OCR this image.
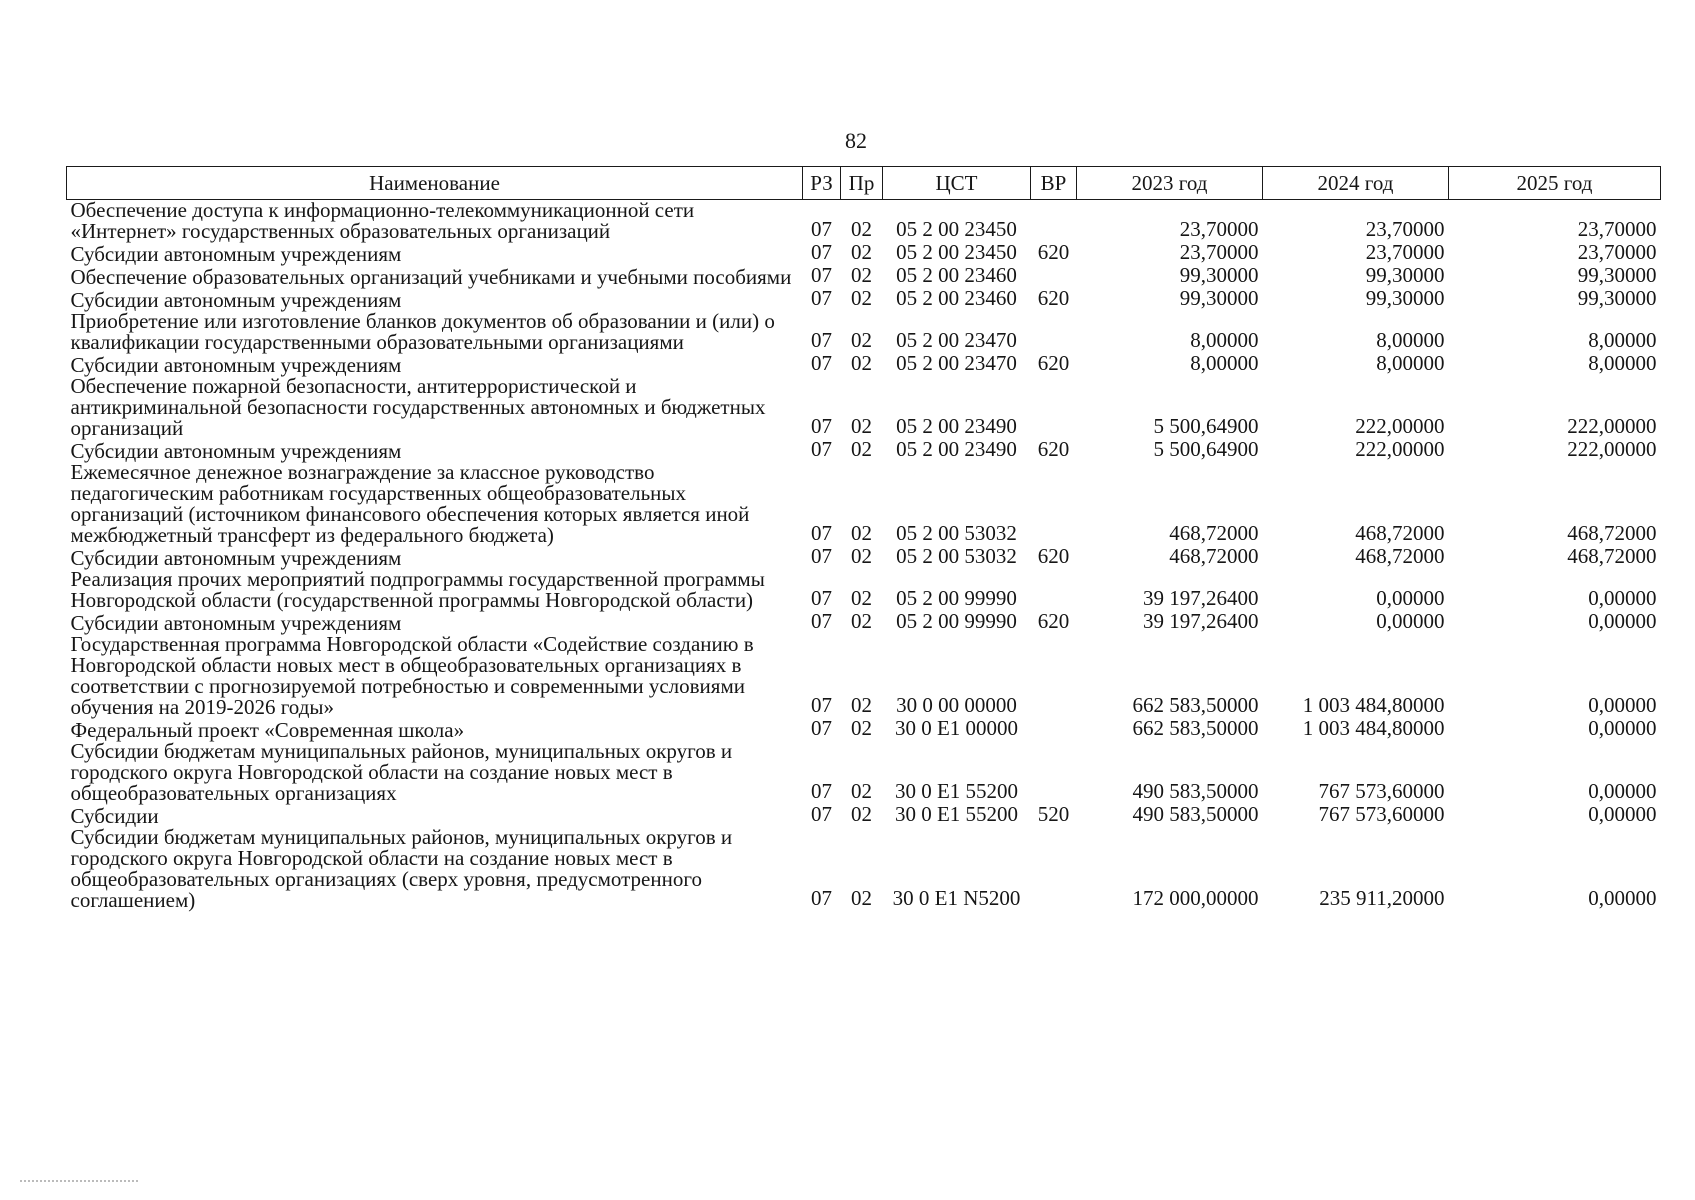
82
Наименование	РЗ	Пр	ЦСТ	ВР	2023 год	2024 год	2025 год
Обеспечение доступа к информационно-телекоммуникационной сети «Интернет» государственных образовательных организаций	07	02	05 2 00 23450		23,70000	23,70000	23,70000
Субсидии автономным учреждениям	07	02	05 2 00 23450	620	23,70000	23,70000	23,70000
Обеспечение образовательных организаций учебниками и учебными пособиями	07	02	05 2 00 23460		99,30000	99,30000	99,30000
Субсидии автономным учреждениям	07	02	05 2 00 23460	620	99,30000	99,30000	99,30000
Приобретение или изготовление бланков документов об образовании и (или) о квалификации государственными образовательными организациями	07	02	05 2 00 23470		8,00000	8,00000	8,00000
Субсидии автономным учреждениям	07	02	05 2 00 23470	620	8,00000	8,00000	8,00000
Обеспечение пожарной безопасности, антитеррористической и антикриминальной безопасности государственных автономных и бюджетных организаций	07	02	05 2 00 23490		5 500,64900	222,00000	222,00000
Субсидии автономным учреждениям	07	02	05 2 00 23490	620	5 500,64900	222,00000	222,00000
Ежемесячное денежное вознаграждение за классное руководство педагогическим работникам государственных общеобразовательных организаций (источником финансового обеспечения которых является иной межбюджетный трансферт из федерального бюджета)	07	02	05 2 00 53032		468,72000	468,72000	468,72000
Субсидии автономным учреждениям	07	02	05 2 00 53032	620	468,72000	468,72000	468,72000
Реализация прочих мероприятий подпрограммы государственной программы Новгородской области (государственной программы Новгородской области)	07	02	05 2 00 99990		39 197,26400	0,00000	0,00000
Субсидии автономным учреждениям	07	02	05 2 00 99990	620	39 197,26400	0,00000	0,00000
Государственная программа Новгородской области «Содействие созданию в Новгородской области новых мест в общеобразовательных организациях в соответствии с прогнозируемой потребностью и современными условиями обучения на 2019-2026 годы»	07	02	30 0 00 00000		662 583,50000	1 003 484,80000	0,00000
Федеральный проект «Современная школа»	07	02	30 0 E1 00000		662 583,50000	1 003 484,80000	0,00000
Субсидии бюджетам муниципальных районов, муниципальных округов и городского округа Новгородской области на создание новых мест в общеобразовательных организациях	07	02	30 0 E1 55200		490 583,50000	767 573,60000	0,00000
Субсидии	07	02	30 0 E1 55200	520	490 583,50000	767 573,60000	0,00000
Субсидии бюджетам муниципальных районов, муниципальных округов и городского округа Новгородской области на создание новых мест в общеобразовательных организациях (сверх уровня, предусмотренного соглашением)	07	02	30 0 E1 N5200		172 000,00000	235 911,20000	0,00000
